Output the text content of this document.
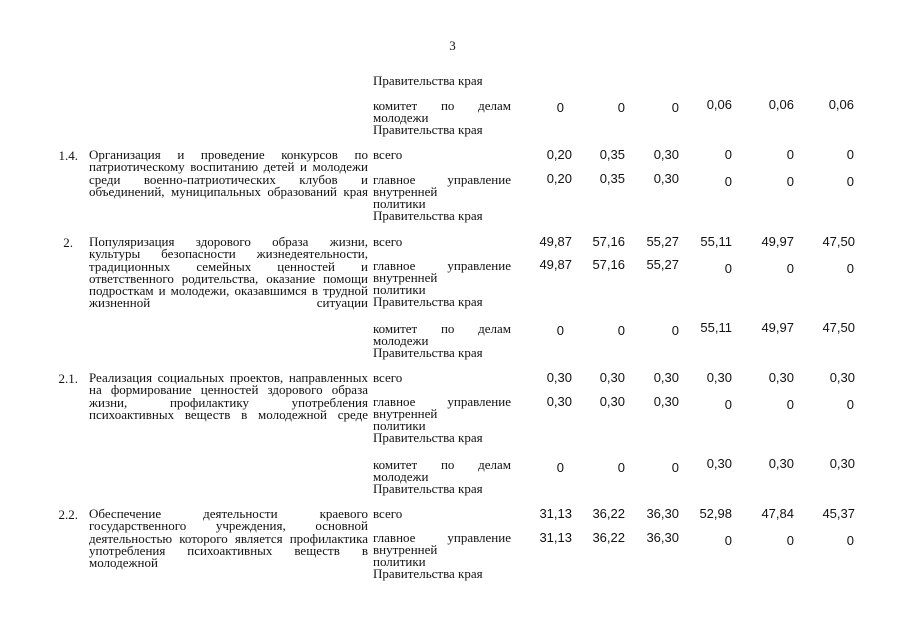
3
Правительства края
комитет по делам
молодежи
Правительства края
0	0	0	0,06	0,06	0,06
1.4. Организация и проведение конкурсов по патриотическому воспитанию детей и молодежи среди военно-патриотических клубов и объединений, муниципальных образований края
всего	0,20	0,35	0,30	0	0	0
главное управление
внутренней
политики
Правительства края
0,20	0,35	0,30	0	0	0
2. Популяризация здорового образа жизни, культуры безопасности жизнедеятельности, традиционных семейных ценностей и ответственного родительства, оказание помощи подросткам и молодежи, оказавшимся в трудной жизненной ситуации
всего	49,87	57,16	55,27	55,11	49,97	47,50
главное управление
внутренней
политики
Правительства края
49,87	57,16	55,27	0	0	0
комитет по делам
молодежи
Правительства края
0	0	0	55,11	49,97	47,50
2.1. Реализация социальных проектов, направленных на формирование ценностей здорового образа жизни, профилактику употребления психоактивных веществ в молодежной среде
всего	0,30	0,30	0,30	0,30	0,30	0,30
главное управление
внутренней
политики
Правительства края
0,30	0,30	0,30	0	0	0
комитет по делам
молодежи
Правительства края
0	0	0	0,30	0,30	0,30
2.2. Обеспечение деятельности краевого государственного учреждения, основной деятельностью которого является профилактика употребления психоактивных веществ в молодежной
всего	31,13	36,22	36,30	52,98	47,84	45,37
главное управление
внутренней
политики
Правительства края
31,13	36,22	36,30	0	0	0
